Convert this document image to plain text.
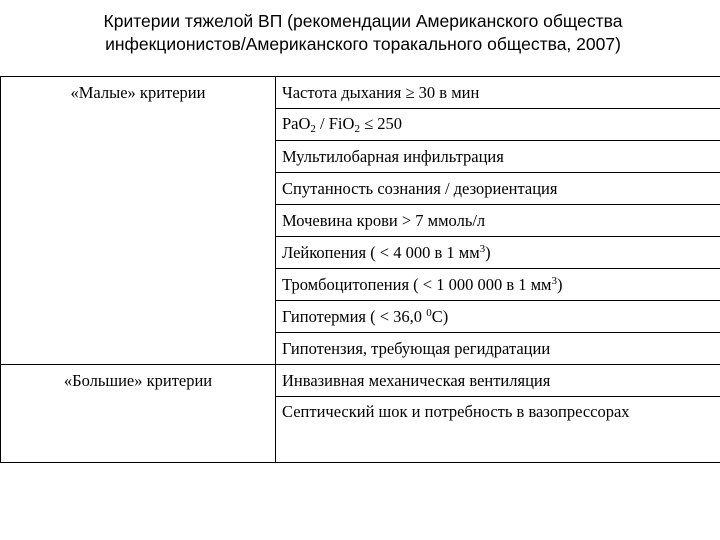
Критерии тяжелой ВП (рекомендации Американского общества
инфекционистов/Американского торакального общества, 2007)
«Малые» критерии	Частота дыхания ≥ 30 в мин
	PaO$_2$ / FiO$_2$ ≤ 250
	Мультилобарная инфильтрация
	Спутанность сознания / дезориентация
	Мочевина крови > 7 ммоль/л
	Лейкопения ( < 4 000 в 1 $мм^3$)
	Тромбоцитопения ( < 1 000 000 в 1 $мм^3$)
	Гипотермия ( < 36,0 $^0$С)
	Гипотензия, требующая регидратации
«Большие» критерии	Инвазивная механическая вентиляция
	Септический шок и потребность в вазопрессорах
